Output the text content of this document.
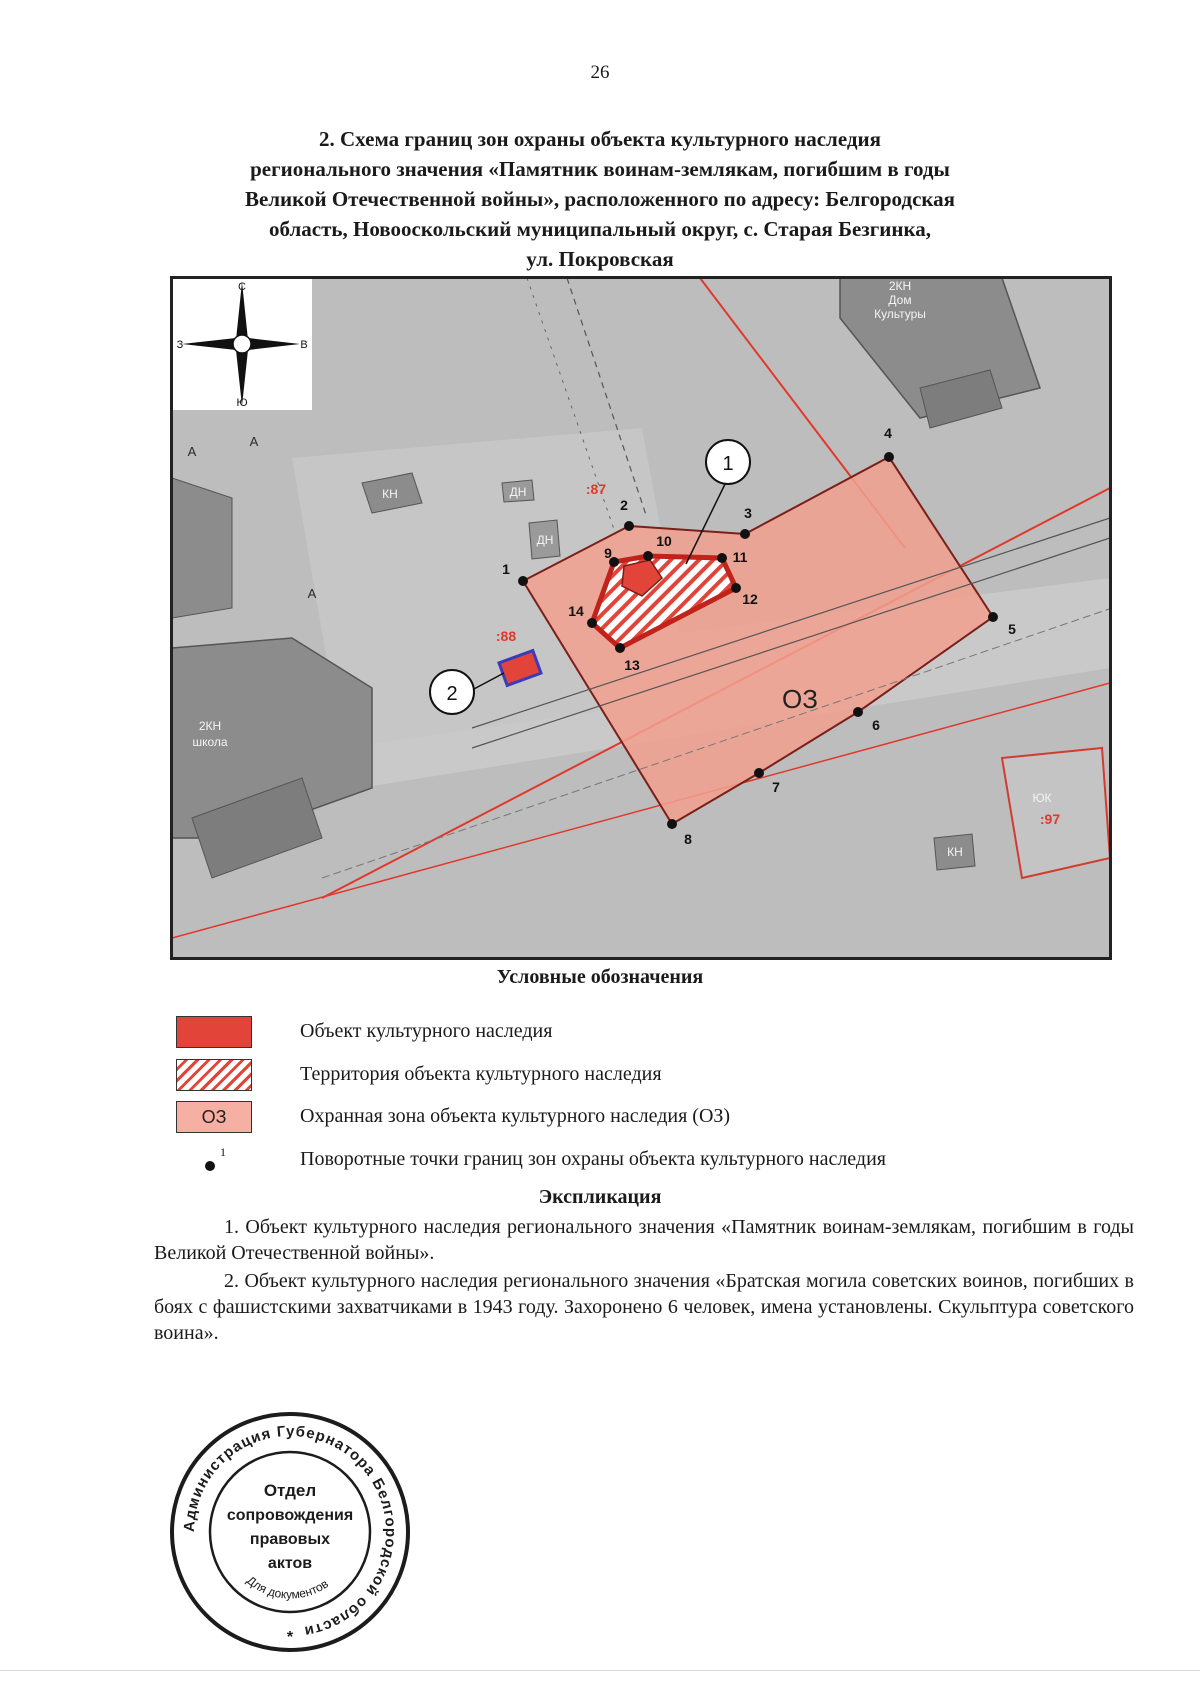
26
2. Схема границ зон охраны объекта культурного наследия
регионального значения «Памятник воинам-землякам, погибшим в годы
Великой Отечественной войны», расположенного по адресу: Белгородская
область, Новооскольский муниципальный округ, с. Старая Безгинка,
ул. Покровская
С
Ю
З	В
2КН
Дом
Культуры
2КН
школа
КН	ДН
ДН
КН
ЮК
А
А
А
:87
:88
:97
ОЗ
1
2
1
2	3
4
5
6
7
8
9
10
11
12
13
14
Условные обозначения
Объект культурного наследия
Территория объекта культурного наследия
ОЗ	Охранная зона объекта культурного наследия (ОЗ)
1	Поворотные точки границ зон охраны объекта культурного наследия
Экспликация
1. Объект культурного наследия регионального значения «Памятник воинам-землякам, погибшим в годы Великой Отечественной войны».
2. Объект культурного наследия регионального значения «Братская могила советских воинов, погибших в боях с фашистскими захватчиками в 1943 году. Захоронено 6 человек, имена установлены. Скульптура советского воина».
Администрация Губернатора Белгородской области
Отдел
сопровождения
правовых
актов
Для документов
*
